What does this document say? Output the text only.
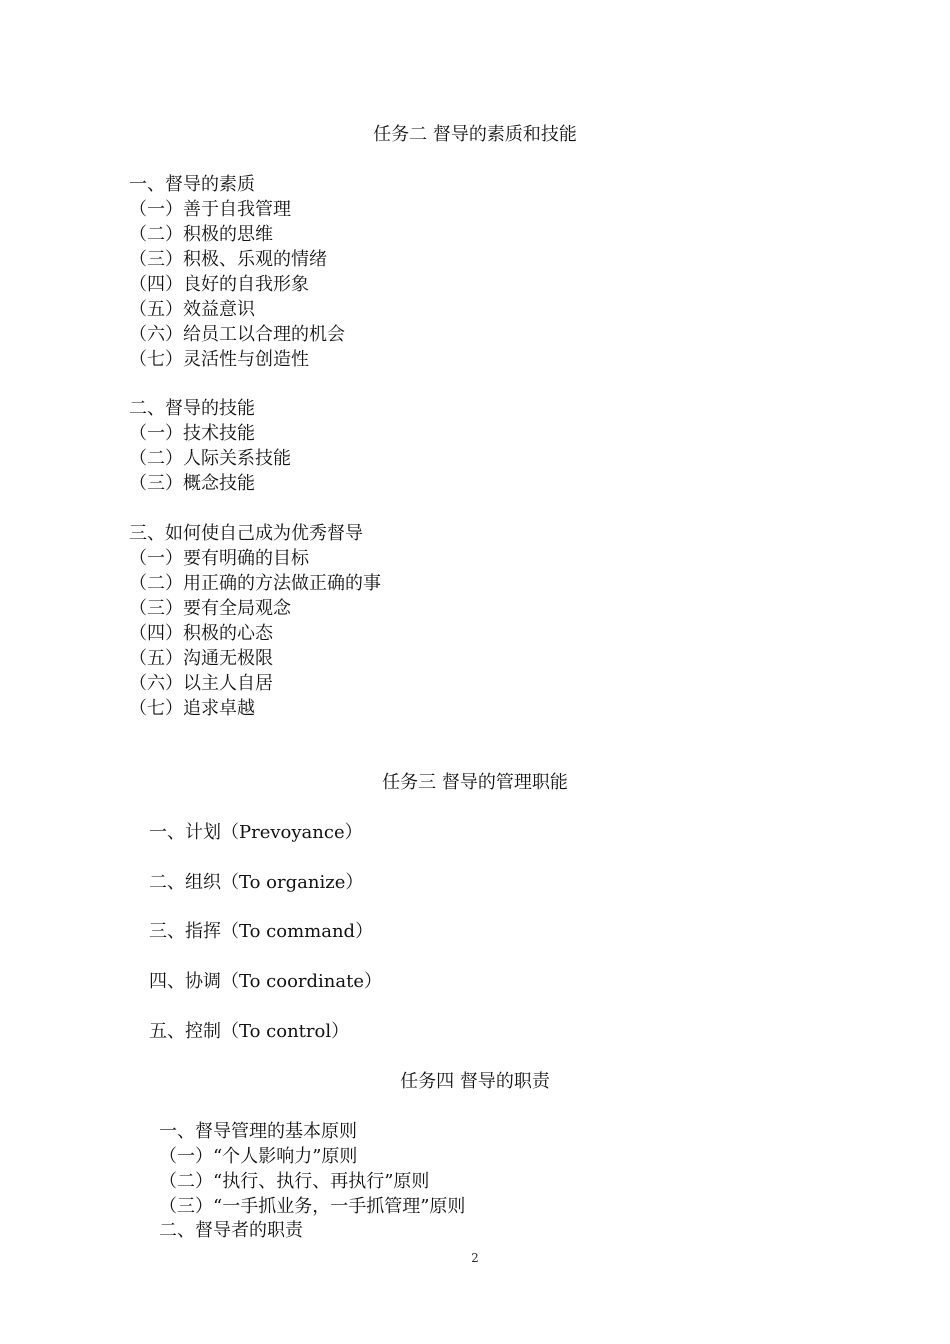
任务二 督导的素质和技能
一、督导的素质
（一）善于自我管理
（二）积极的思维
（三）积极、乐观的情绪
（四）良好的自我形象
（五）效益意识
（六）给员工以合理的机会
（七）灵活性与创造性
二、督导的技能
（一）技术技能
（二）人际关系技能
（三）概念技能
三、如何使自己成为优秀督导
（一）要有明确的目标
（二）用正确的方法做正确的事
（三）要有全局观念
（四）积极的心态
（五）沟通无极限
（六）以主人自居
（七）追求卓越
任务三 督导的管理职能
一、计划（Prevoyance）
二、组织（To organize）
三、指挥（To command）
四、协调（To coordinate）
五、控制（To control）
任务四 督导的职责
一、督导管理的基本原则
（一）“个人影响力”原则
（二）“执行、执行、再执行”原则
（三）“一手抓业务，一手抓管理”原则
二、督导者的职责
2
